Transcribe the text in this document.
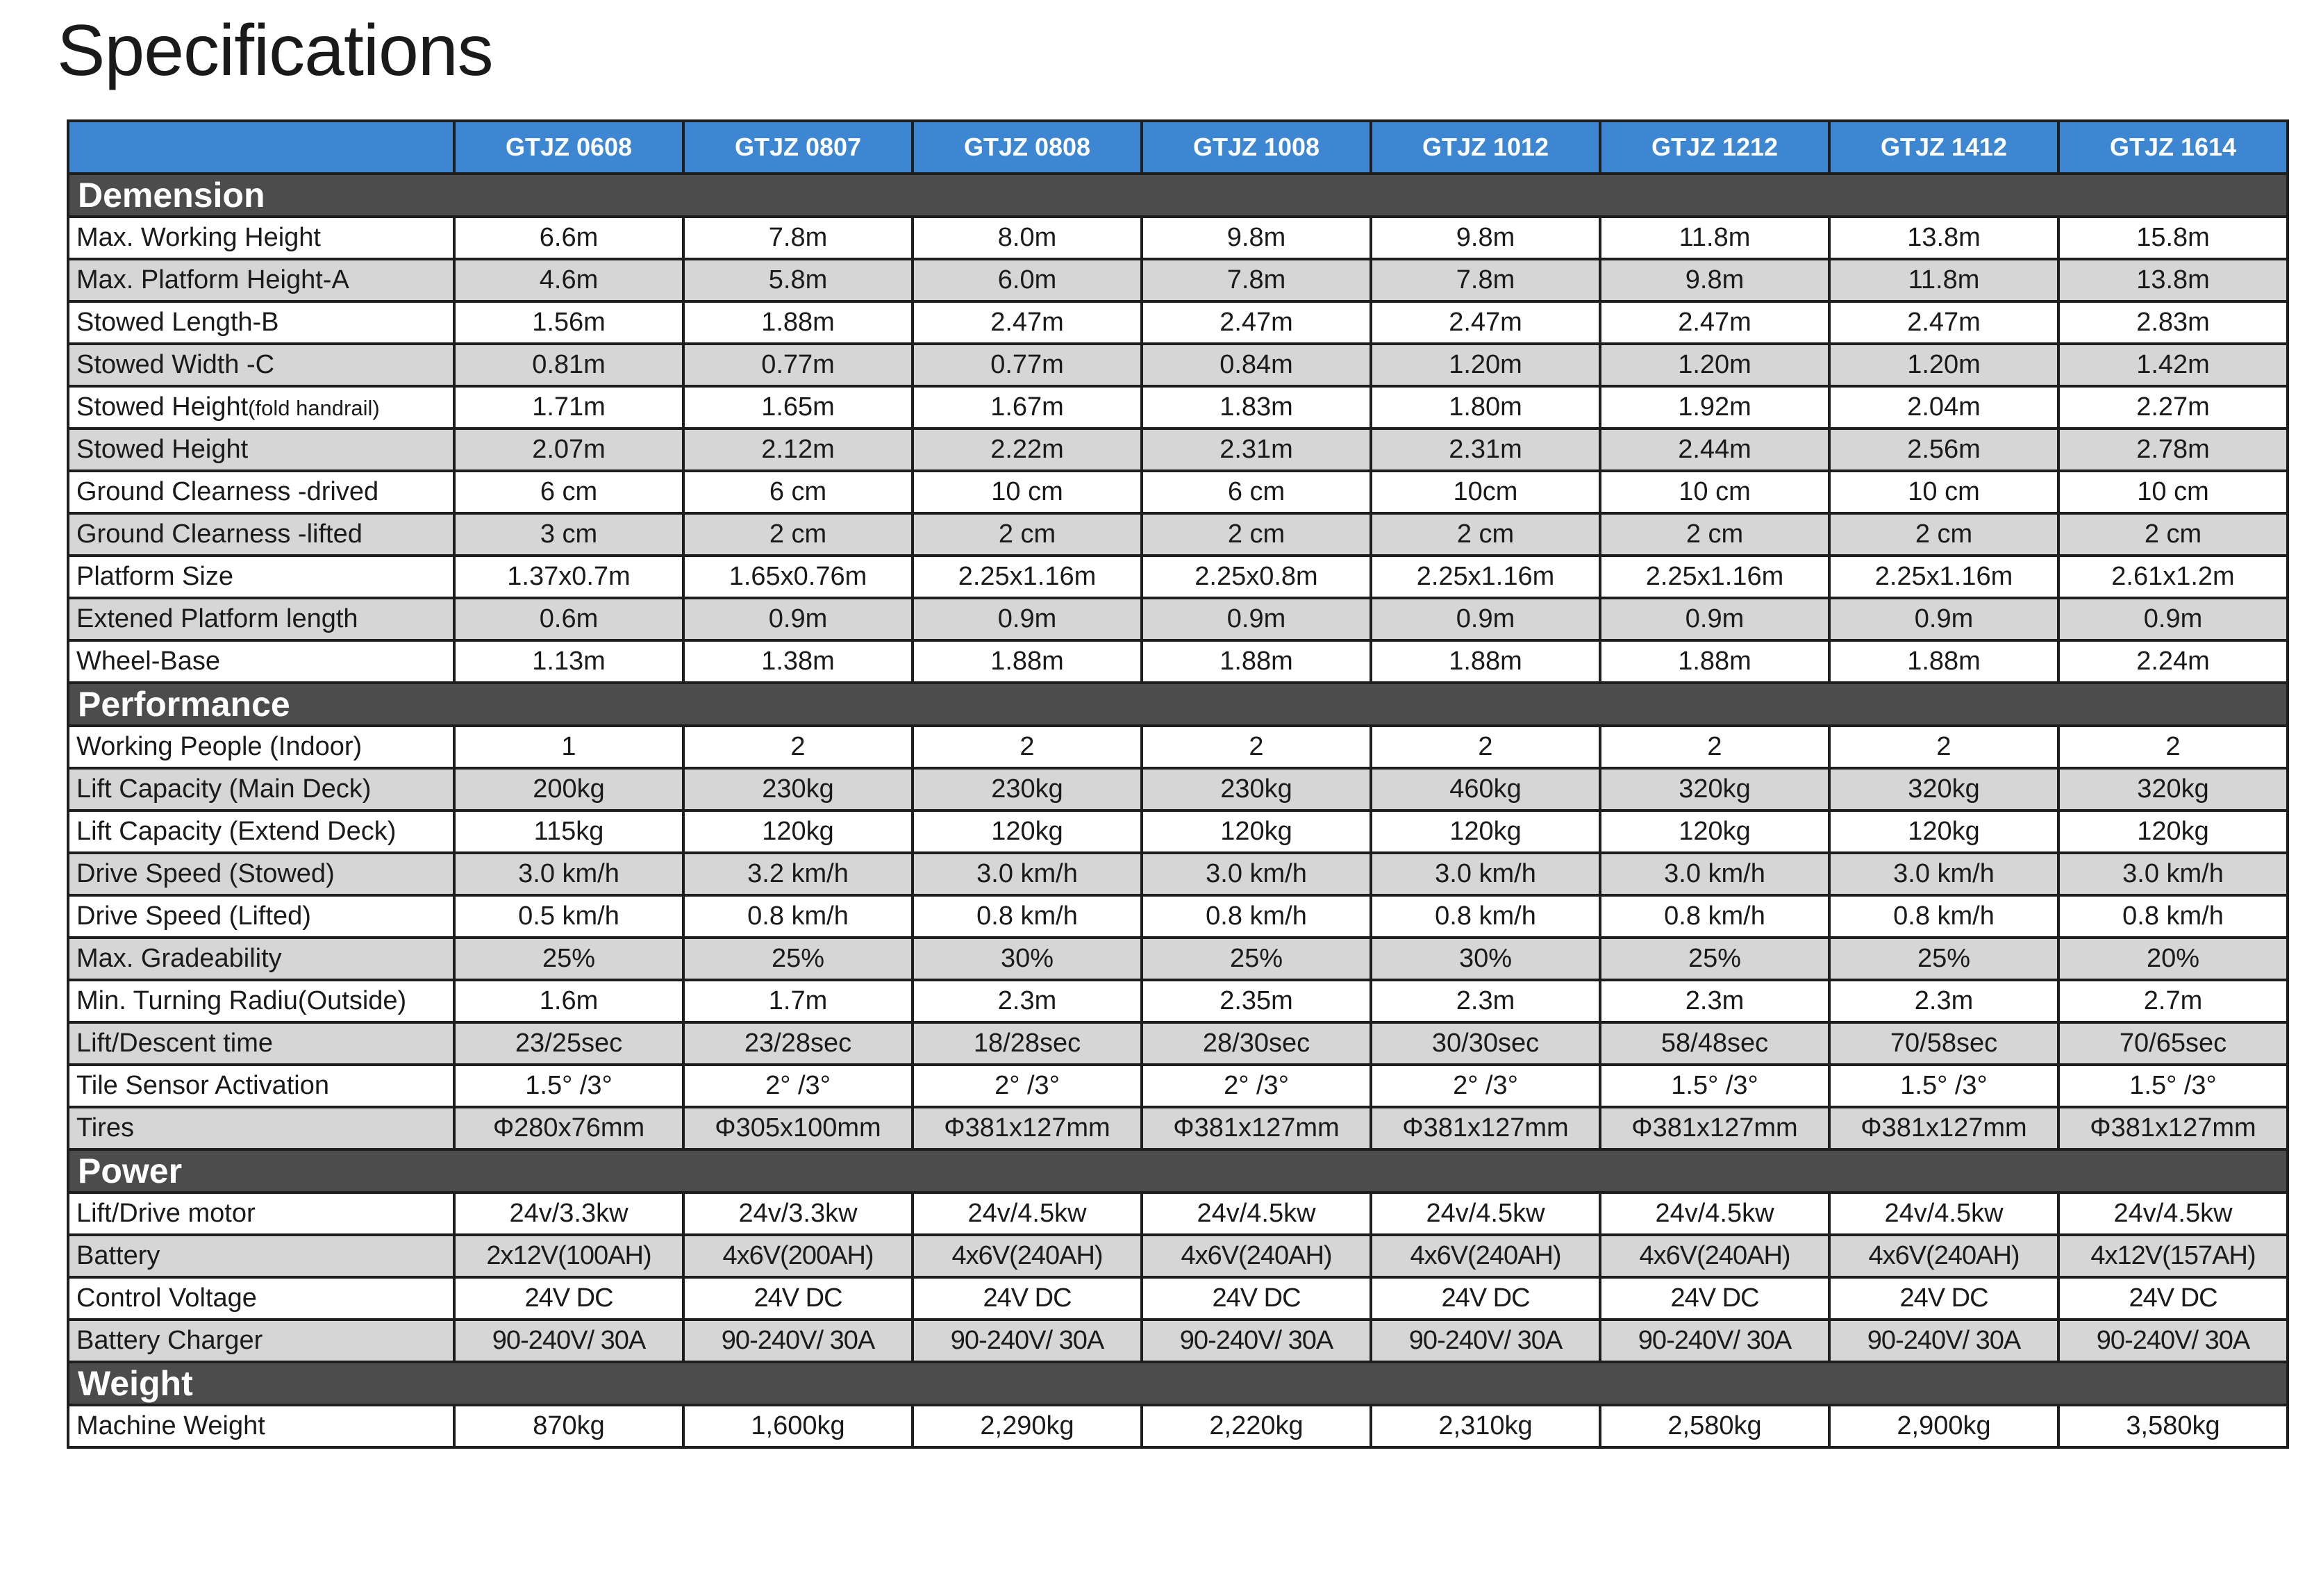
Specifications
	GTJZ 0608	GTJZ 0807	GTJZ 0808	GTJZ 1008	GTJZ 1012	GTJZ 1212	GTJZ 1412	GTJZ 1614
Demension								
Max. Working Height	6.6m	7.8m	8.0m	9.8m	9.8m	11.8m	13.8m	15.8m
Max. Platform Height-A	4.6m	5.8m	6.0m	7.8m	7.8m	9.8m	11.8m	13.8m
Stowed Length-B	1.56m	1.88m	2.47m	2.47m	2.47m	2.47m	2.47m	2.83m
Stowed Width -C	0.81m	0.77m	0.77m	0.84m	1.20m	1.20m	1.20m	1.42m
Stowed Height(fold handrail)	1.71m	1.65m	1.67m	1.83m	1.80m	1.92m	2.04m	2.27m
Stowed Height	2.07m	2.12m	2.22m	2.31m	2.31m	2.44m	2.56m	2.78m
Ground Clearness -drived	6 cm	6 cm	10 cm	6 cm	10cm	10 cm	10 cm	10 cm
Ground Clearness -lifted	3 cm	2 cm	2 cm	2 cm	2 cm	2 cm	2 cm	2 cm
Platform Size	1.37x0.7m	1.65x0.76m	2.25x1.16m	2.25x0.8m	2.25x1.16m	2.25x1.16m	2.25x1.16m	2.61x1.2m
Extened Platform length	0.6m	0.9m	0.9m	0.9m	0.9m	0.9m	0.9m	0.9m
Wheel-Base	1.13m	1.38m	1.88m	1.88m	1.88m	1.88m	1.88m	2.24m
Performance								
Working People (Indoor)	1	2	2	2	2	2	2	2
Lift Capacity (Main Deck)	200kg	230kg	230kg	230kg	460kg	320kg	320kg	320kg
Lift Capacity (Extend Deck)	115kg	120kg	120kg	120kg	120kg	120kg	120kg	120kg
Drive Speed (Stowed)	3.0 km/h	3.2 km/h	3.0 km/h	3.0 km/h	3.0 km/h	3.0 km/h	3.0 km/h	3.0 km/h
Drive Speed (Lifted)	0.5 km/h	0.8 km/h	0.8 km/h	0.8 km/h	0.8 km/h	0.8 km/h	0.8 km/h	0.8 km/h
Max. Gradeability	25%	25%	30%	25%	30%	25%	25%	20%
Min. Turning Radiu(Outside)	1.6m	1.7m	2.3m	2.35m	2.3m	2.3m	2.3m	2.7m
Lift/Descent time	23/25sec	23/28sec	18/28sec	28/30sec	30/30sec	58/48sec	70/58sec	70/65sec
Tile Sensor Activation	1.5° /3°	2° /3°	2° /3°	2° /3°	2° /3°	1.5° /3°	1.5° /3°	1.5° /3°
Tires	Φ280x76mm	Φ305x100mm	Φ381x127mm	Φ381x127mm	Φ381x127mm	Φ381x127mm	Φ381x127mm	Φ381x127mm
Power								
Lift/Drive motor	24v/3.3kw	24v/3.3kw	24v/4.5kw	24v/4.5kw	24v/4.5kw	24v/4.5kw	24v/4.5kw	24v/4.5kw
Battery	2x12V(100AH)	4x6V(200AH)	4x6V(240AH)	4x6V(240AH)	4x6V(240AH)	4x6V(240AH)	4x6V(240AH)	4x12V(157AH)
Control Voltage	24V DC	24V DC	24V DC	24V DC	24V DC	24V DC	24V DC	24V DC
Battery Charger	90-240V/ 30A	90-240V/ 30A	90-240V/ 30A	90-240V/ 30A	90-240V/ 30A	90-240V/ 30A	90-240V/ 30A	90-240V/ 30A
Weight								
Machine Weight	870kg	1,600kg	2,290kg	2,220kg	2,310kg	2,580kg	2,900kg	3,580kg
